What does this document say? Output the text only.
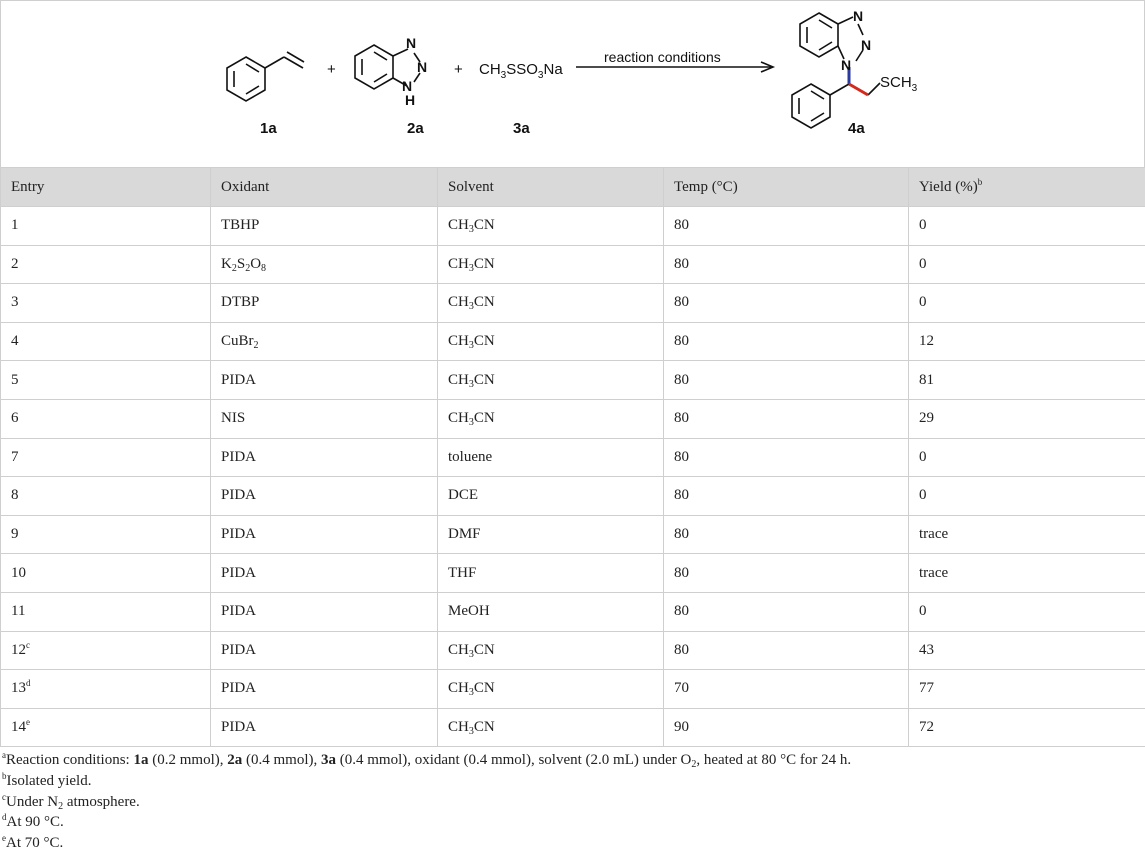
N
N
N
H
N
N
N
+	+ $CH_3SSO_3Na$
reaction conditions
$SCH_3$
1a	2a	3a	4a
Entry	Oxidant	Solvent	Temp (°C)	Yield (%)$^b$
1	TBHP	$CH_3CN$	80	0
2	$K_2S_2O_8$	$CH_3CN$	80	0
3	DTBP	$CH_3CN$	80	0
4	CuBr$_2$	$CH_3CN$	80	12
5	PIDA	$CH_3CN$	80	81
6	NIS	$CH_3CN$	80	29
7	PIDA	toluene	80	0
8	PIDA	DCE	80	0
9	PIDA	DMF	80	trace
10	PIDA	THF	80	trace
11	PIDA	MeOH	80	0
12$^c$	PIDA	$CH_3CN$	80	43
13$^d$	PIDA	$CH_3CN$	70	77
14e	PIDA	$CH_3CN$	90	72
$^a$Reaction conditions: 1a (0.2 mmol), 2a (0.4 mmol), 3a (0.4 mmol), oxidant (0.4 mmol), solvent (2.0 mL) under $O_2$, heated at 80 °C for 24 h.
$^b$Isolated yield.
$^c$Under $N_2$ atmosphere.
$^d$At 90 °C.
$^e$At 70 °C.
